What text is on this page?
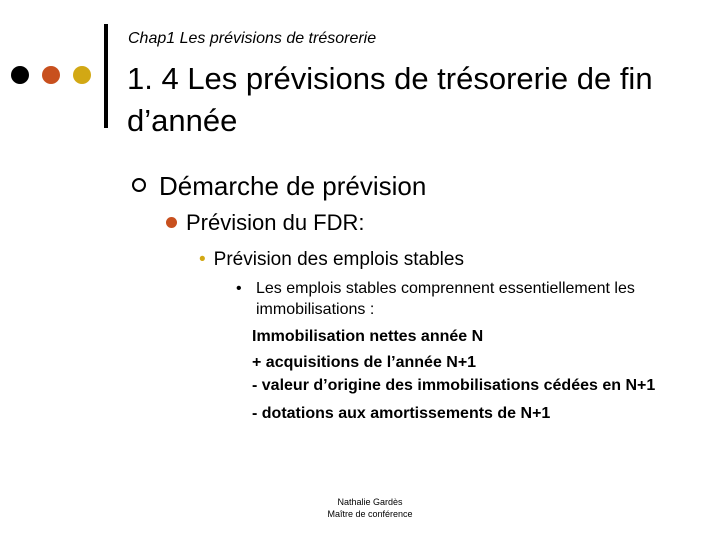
Chap1 Les prévisions de trésorerie
1. 4 Les prévisions de trésorerie de fin d’année
Démarche de prévision
Prévision du FDR:
• Prévision des emplois stables
• Les emplois stables comprennent essentiellement les immobilisations :
Immobilisation nettes année N
+ acquisitions de l’année N+1
- valeur d’origine des immobilisations cédées en N+1
- dotations aux amortissements de N+1
Nathalie Gardès
Maître de conférence
